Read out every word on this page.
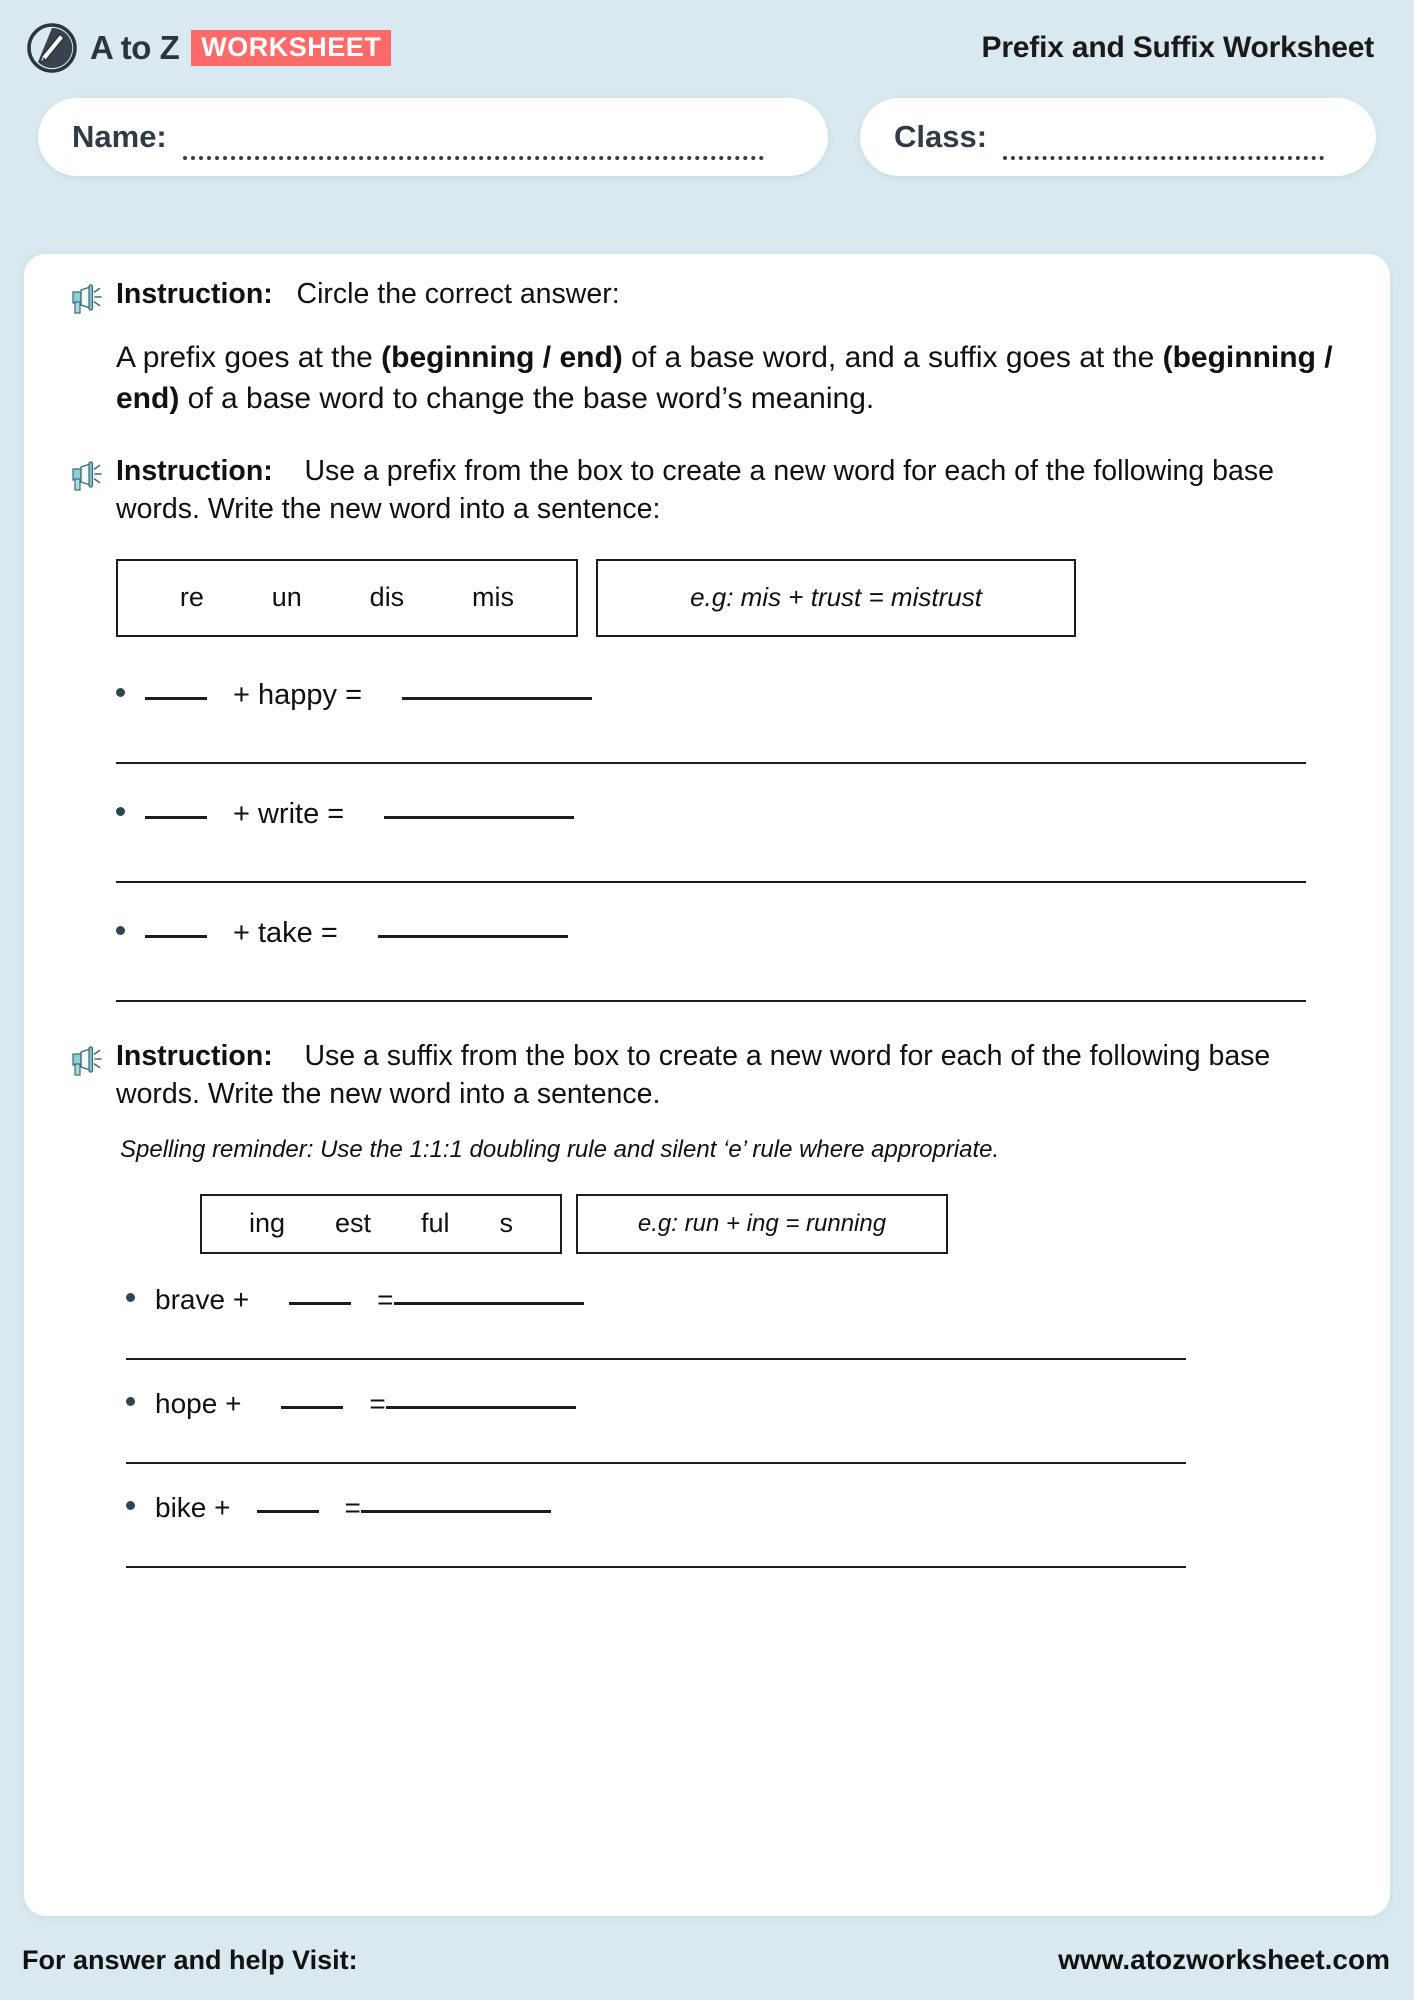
A to Z WORKSHEET	Prefix and Suffix Worksheet
Name:	Class:
Instruction: Circle the correct answer:
A prefix goes at the (beginning / end) of a base word, and a suffix goes at the (beginning / end) of a base word to change the base word’s meaning.
Instruction: Use a prefix from the box to create a new word for each of the following base words. Write the new word into a sentence:
re	un	dis	mis	e.g: mis + trust = mistrust
+ happy =
+ write =
+ take =
Instruction: Use a suffix from the box to create a new word for each of the following base words. Write the new word into a sentence.
Spelling reminder: Use the 1:1:1 doubling rule and silent ‘e’ rule where appropriate.
ing est ful s	e.g: run + ing = running
brave +	=
hope +	=
bike +	=
For answer and help Visit:	www.atozworksheet.com
